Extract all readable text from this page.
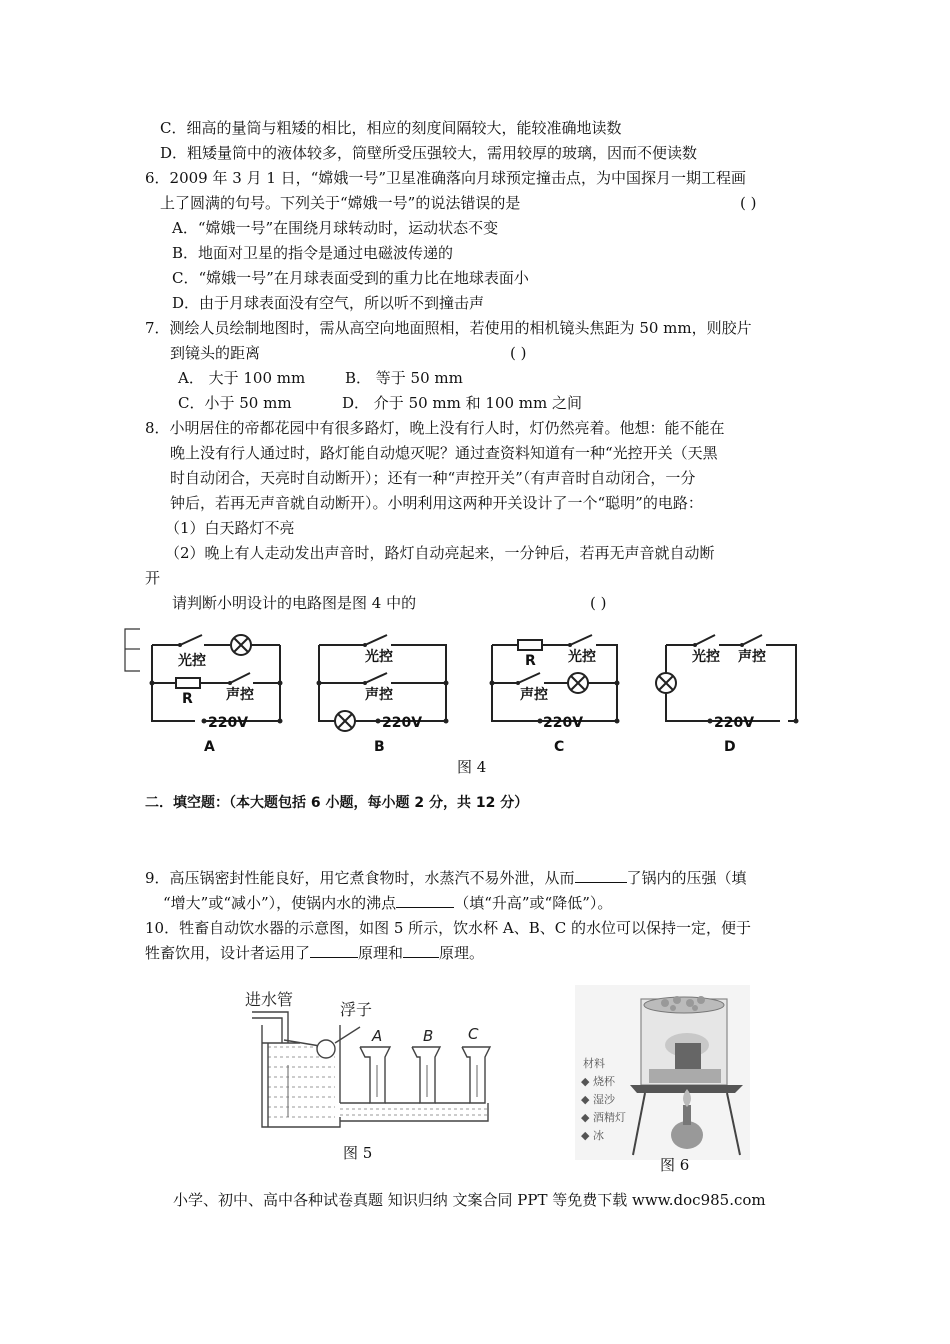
C．细高的量筒与粗矮的相比，相应的刻度间隔较大，能较准确地读数
D．粗矮量筒中的液体较多，筒壁所受压强较大，需用较厚的玻璃，因而不便读数
6．2009 年 3 月 1 日，“嫦娥一号”卫星准确落向月球预定撞击点，为中国探月一期工程画
上了圆满的句号。下列关于“嫦娥一号”的说法错误的是	( )
A．“嫦娥一号”在围绕月球转动时，运动状态不变
B．地面对卫星的指令是通过电磁波传递的
C．“嫦娥一号”在月球表面受到的重力比在地球表面小
D．由于月球表面没有空气，所以听不到撞击声
7．测绘人员绘制地图时，需从高空向地面照相，若使用的相机镜头焦距为 50 mm，则胶片
到镜头的距离	( )
A． 大于 100 mm	B． 等于 50 mm
C．小于 50 mm	D． 介于 50 mm 和 100 mm 之间
8．小明居住的帝都花园中有很多路灯，晚上没有行人时，灯仍然亮着。他想：能不能在
晚上没有行人通过时，路灯能自动熄灭呢？通过查资料知道有一种“光控开关（天黑
时自动闭合，天亮时自动断开）；还有一种“声控开关”（有声音时自动闭合，一分
钟后，若再无声音就自动断开）。小明利用这两种开关设计了一个“聪明”的电路：
（1）白天路灯不亮
（2）晚上有人走动发出声音时，路灯自动亮起来，一分钟后，若再无声音就自动断
开
请判断小明设计的电路图是图 4 中的	( )
光控
R 声控
220V
光控
声控
220V
R 光控
声控
220V
光控 声控
220V
A	B	C	D
图 4
二．填空题：（本大题包括 6 小题，每小题 2 分，共 12 分）
9．高压锅密封性能良好，用它煮食物时，水蒸汽不易外泄，从而	了锅内的压强（填
“增大”或“减小”），使锅内水的沸点	（填“升高”或“降低”）。
10．牲畜自动饮水器的示意图，如图 5 所示，饮水杯 A、B、C 的水位可以保持一定，便于
牲畜饮用，设计者运用了	原理和 原理。
进水管
浮子
A	B C
图 5
材料
◆ 烧杯
◆ 湿沙
◆ 酒精灯
◆ 冰
图 6
小学、初中、高中各种试卷真题 知识归纳 文案合同 PPT 等免费下载 www.doc985.com
